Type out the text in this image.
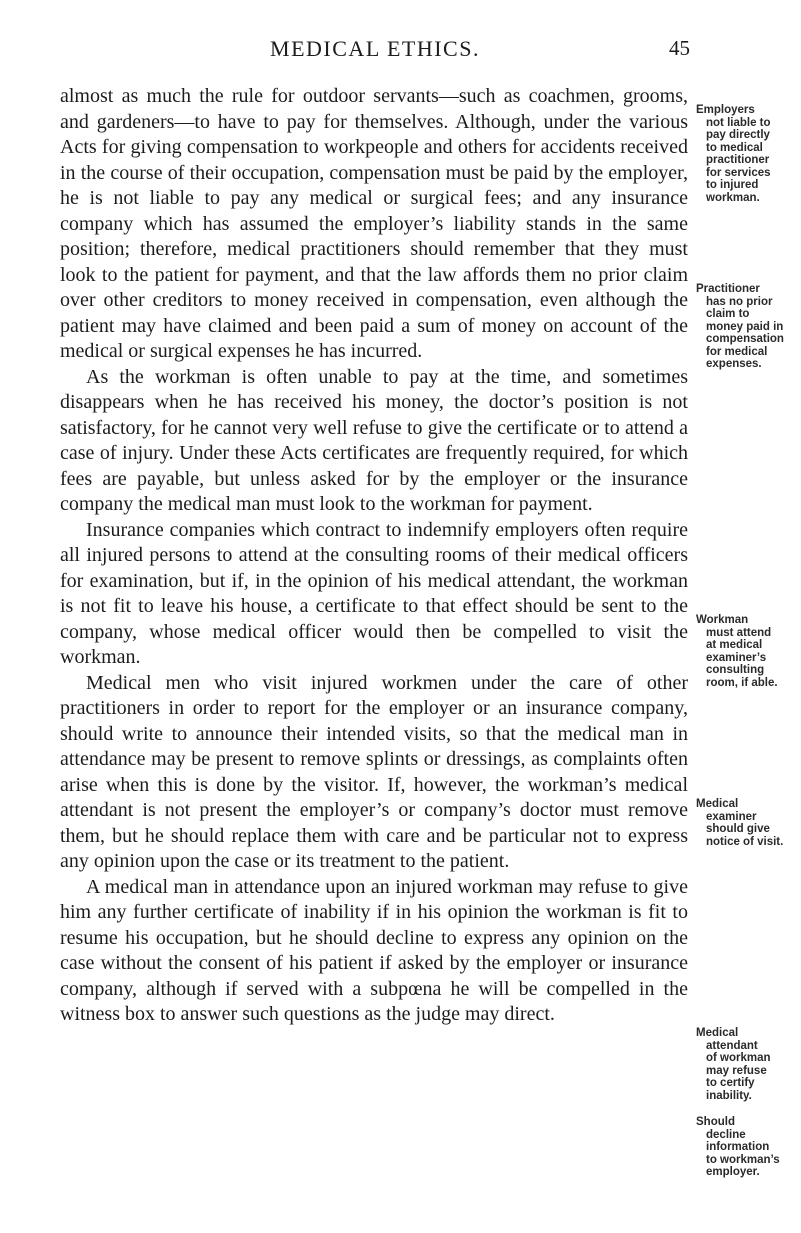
MEDICAL ETHICS.	45

almost as much the rule for outdoor servants—such as coachmen, grooms, and gardeners—to have to pay for themselves. Although, under the various Acts for giving compensation to workpeople and others for accidents received in the course of their occupation, compensation must be paid by the employer, he is not liable to pay any medical or surgical fees; and any insurance company which has assumed the employer’s liability stands in the same position; therefore, medical practitioners should remember that they must look to the patient for payment, and that the law affords them no prior claim over other creditors to money received in compensation, even although the patient may have claimed and been paid a sum of money on account of the medical or surgical expenses he has incurred.

As the workman is often unable to pay at the time, and sometimes disappears when he has received his money, the doctor’s position is not satisfactory, for he cannot very well refuse to give the certificate or to attend a case of injury. Under these Acts certificates are frequently required, for which fees are payable, but unless asked for by the employer or the insurance company the medical man must look to the workman for payment.

Insurance companies which contract to indemnify employers often require all injured persons to attend at the consulting rooms of their medical officers for examination, but if, in the opinion of his medical attendant, the workman is not fit to leave his house, a certificate to that effect should be sent to the company, whose medical officer would then be compelled to visit the workman.

Medical men who visit injured workmen under the care of other practitioners in order to report for the employer or an insurance company, should write to announce their intended visits, so that the medical man in attendance may be present to remove splints or dressings, as complaints often arise when this is done by the visitor. If, however, the workman’s medical attendant is not present the employer’s or company’s doctor must remove them, but he should replace them with care and be particular not to express any opinion upon the case or its treatment to the patient.

A medical man in attendance upon an injured workman may refuse to give him any further certificate of inability if in his opinion the workman is fit to resume his occupation, but he should decline to express any opinion on the case without the consent of his patient if asked by the employer or insurance company, although if served with a subpœna he will be compelled in the witness box to answer such questions as the judge may direct.

Employers
not liable to
pay directly
to medical
practitioner
for services
to injured
workman.
Practitioner
has no prior
claim to
money paid in
compensation
for medical
expenses.
Workman
must attend
at medical
examiner’s
consulting
room, if able.
Medical
examiner
should give
notice of visit.
Medical
attendant
of workman
may refuse
to certify
inability.
Should
decline
information
to workman’s
employer.
